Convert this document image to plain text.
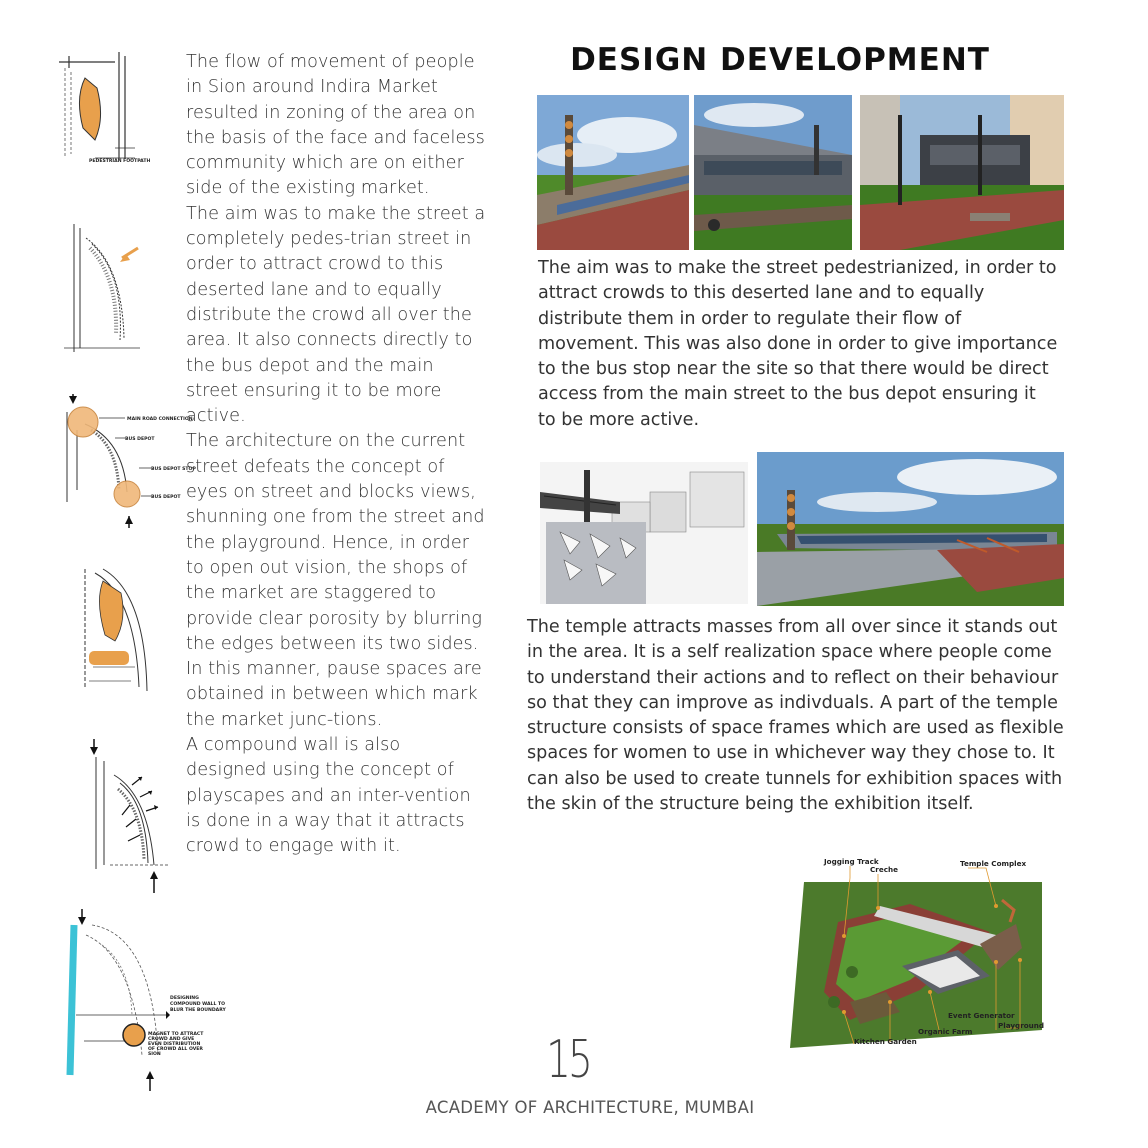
PEDESTRIAN FOOTPATH
MAIN ROAD CONNECTION
BUS DEPOT
BUS DEPOT STOP
BUS DEPOT
DESIGNING
COMPOUND WALL TO
BLUR THE BOUNDARY
MAGNET TO ATTRACT
CROWD AND GIVE
EVEN DISTRIBUTION
OF CROWD ALL OVER
SION

The flow of movement of people in Sion around Indira Market resulted in zoning of the area on the basis of the face and faceless community which are on either side of the existing market.

The aim was to make the street a completely pedes-trian street in order to attract crowd to this deserted lane and to equally distribute the crowd all over the area. It also connects directly to the bus depot and the main street ensuring it to be more active.

The architecture on the current street defeats the concept of eyes on street and blocks views, shunning one from the street and the playground. Hence, in order to open out vision, the shops of the market are staggered to provide clear porosity by blurring the edges between its two sides.

In this manner, pause spaces are obtained in between which mark the market junc-tions.

A compound wall is also designed using the concept of playscapes and an inter-vention is done in a way that it attracts crowd to engage with it.

DESIGN DEVELOPMENT

The aim was to make the street pedestrianized, in order to attract crowds to this deserted lane and to equally distribute them in order to regulate their flow of movement. This was also done in order to give importance to the bus stop near the site so that there would be direct access from the main street to the bus depot ensuring it to be more active.

The temple attracts masses from all over since it stands out in the area. It is a self realization space where people come to understand their actions and to reflect on their behaviour so that they can improve as indivduals. A part of the temple structure consists of space frames which are used as flexible spaces for women to use in whichever way they chose to. It can also be used to create tunnels for exhibition spaces with the skin of the structure being the exhibition itself.

Jogging Track
Creche
Temple Complex
Event Generator
Playground
Organic Farm
Kitchen Garden
15
ACADEMY OF ARCHITECTURE, MUMBAI
